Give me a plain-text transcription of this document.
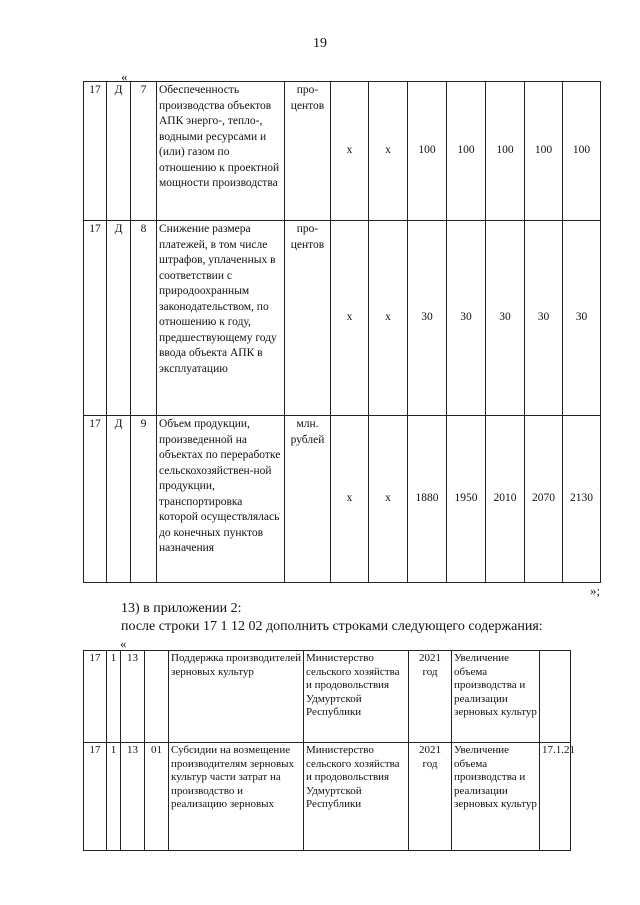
19
«
17	Д	7	Обеспеченность производства объектов АПК энерго-, тепло-, водными ресурсами и (или) газом по отношению к проектной мощности производства	про-центов	x	x	100	100	100	100	100
17	Д	8	Снижение размера платежей, в том числе штрафов, уплаченных в соответствии с природоохранным законодательством, по отношению к году, предшествующему году ввода объекта АПК в эксплуатацию	про-центов	x	x	30	30	30	30	30
17	Д	9	Объем продукции, произведенной на объектах по переработке сельскохозяйствен-ной продукции, транспортировка которой осуществлялась до конечных пунктов назначения	млн. рублей	x	x	1880	1950	2010	2070	2130
»;
13) в приложении 2:
после строки 17 1 12 02 дополнить строками следующего содержания:
«
17	1	13		Поддержка производителей зерновых культур	Министерство сельского хозяйства и продовольствия Удмуртской Республики	2021 год	Увеличение объема производства и реализации зерновых культур	
17	1	13	01	Субсидии на возмещение производителям зерновых культур части затрат на производство и реализацию зерновых	Министерство сельского хозяйства и продовольствия Удмуртской Республики	2021 год	Увеличение объема производства и реализации зерновых культур	17.1.21
